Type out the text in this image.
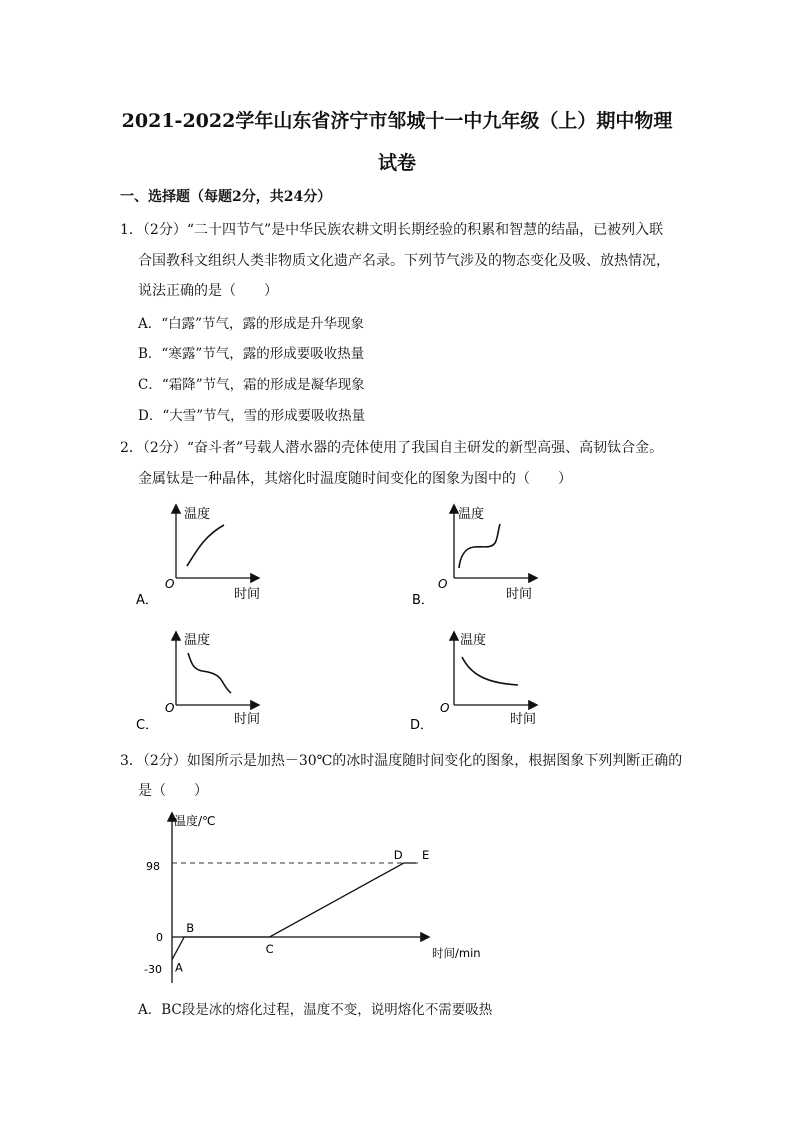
2021-2022学年山东省济宁市邹城十一中九年级（上）期中物理
试卷
一、选择题（每题2分，共24分）
1．（2分）“二十四节气”是中华民族农耕文明长期经验的积累和智慧的结晶，已被列入联
合国教科文组织人类非物质文化遗产名录。下列节气涉及的物态变化及吸、放热情况，
说法正确的是（　　）
A．“白露”节气，露的形成是升华现象
B．“寒露”节气，露的形成要吸收热量
C．“霜降”节气，霜的形成是凝华现象
D．“大雪”节气，雪的形成要吸收热量
2．（2分）“奋斗者”号载人潜水器的壳体使用了我国自主研发的新型高强、高韧钛合金。
金属钛是一种晶体，其熔化时温度随时间变化的图象为图中的（　　）
温度
O
时间
A．
温度
O
时间
B．
温度
O
时间
C．
温度
O
时间
D．
3．（2分）如图所示是加热－30℃的冰时温度随时间变化的图象，根据图象下列判断正确的
是（　　）
A
B
C
D E
温度/℃
时间/min
98
0
-30
A．BC段是冰的熔化过程，温度不变，说明熔化不需要吸热
